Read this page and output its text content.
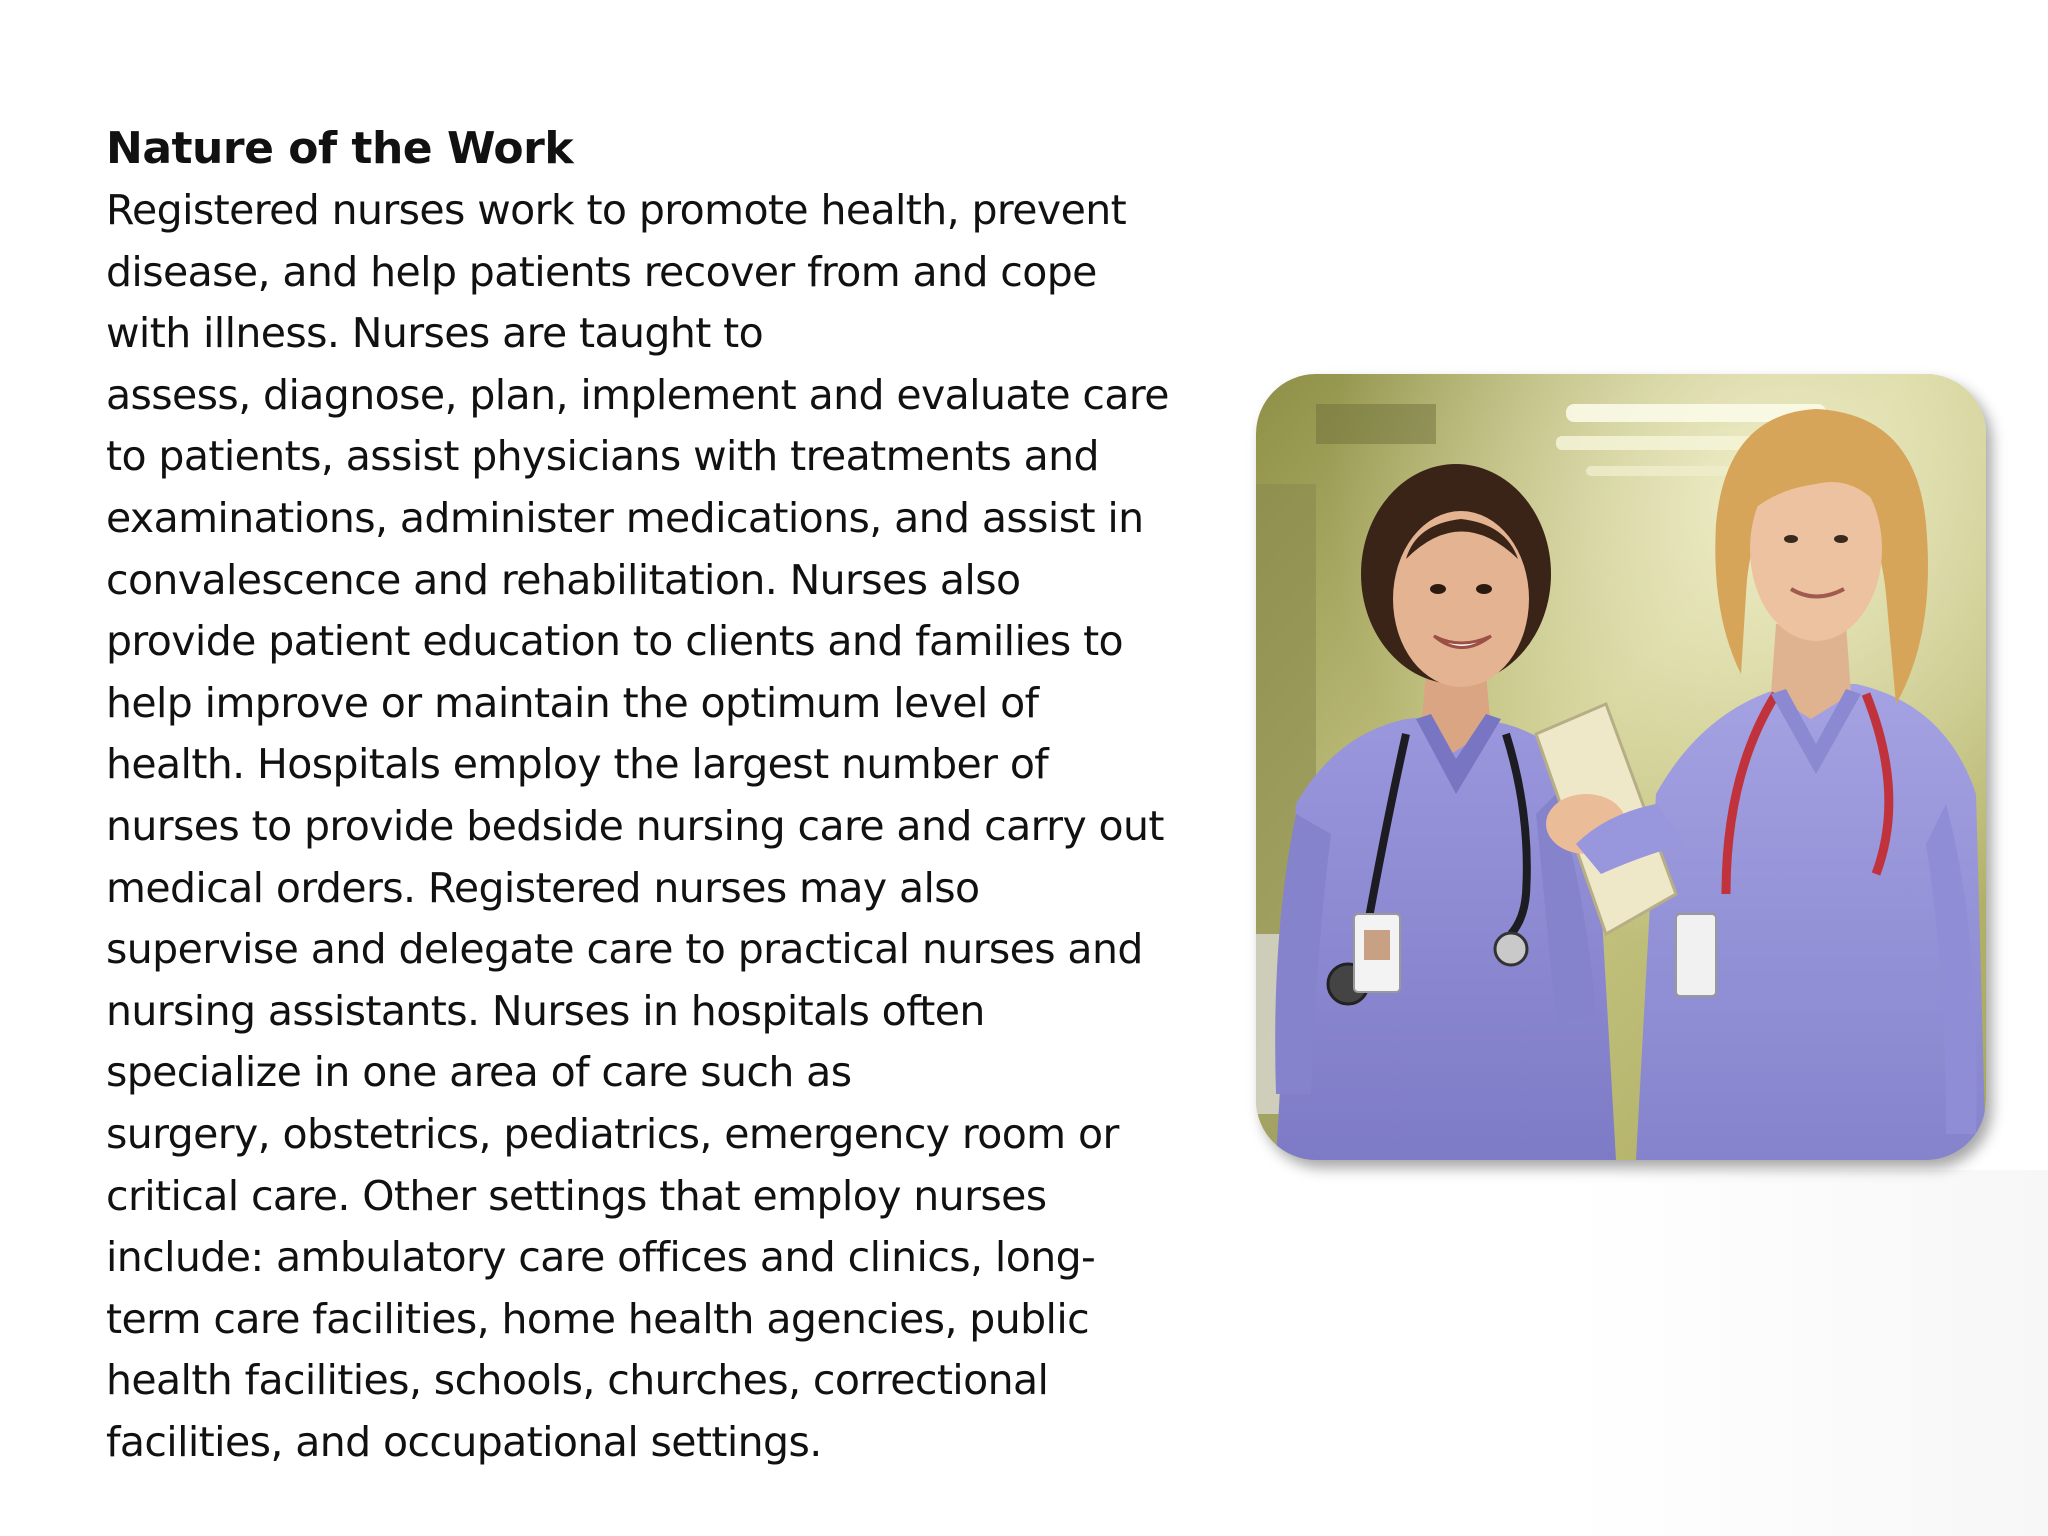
Nature of the Work
Registered nurses work to promote health, prevent
disease, and help patients recover from and cope
with illness. Nurses are taught to
assess, diagnose, plan, implement and evaluate care
to patients, assist physicians with treatments and
examinations, administer medications, and assist in
convalescence and rehabilitation. Nurses also
provide patient education to clients and families to
help improve or maintain the optimum level of
health. Hospitals employ the largest number of
nurses to provide bedside nursing care and carry out
medical orders. Registered nurses may also
supervise and delegate care to practical nurses and
nursing assistants. Nurses in hospitals often
specialize in one area of care such as
surgery, obstetrics, pediatrics, emergency room or
critical care. Other settings that employ nurses
include: ambulatory care offices and clinics, long-
term care facilities, home health agencies, public
health facilities, schools, churches, correctional
facilities, and occupational settings.
